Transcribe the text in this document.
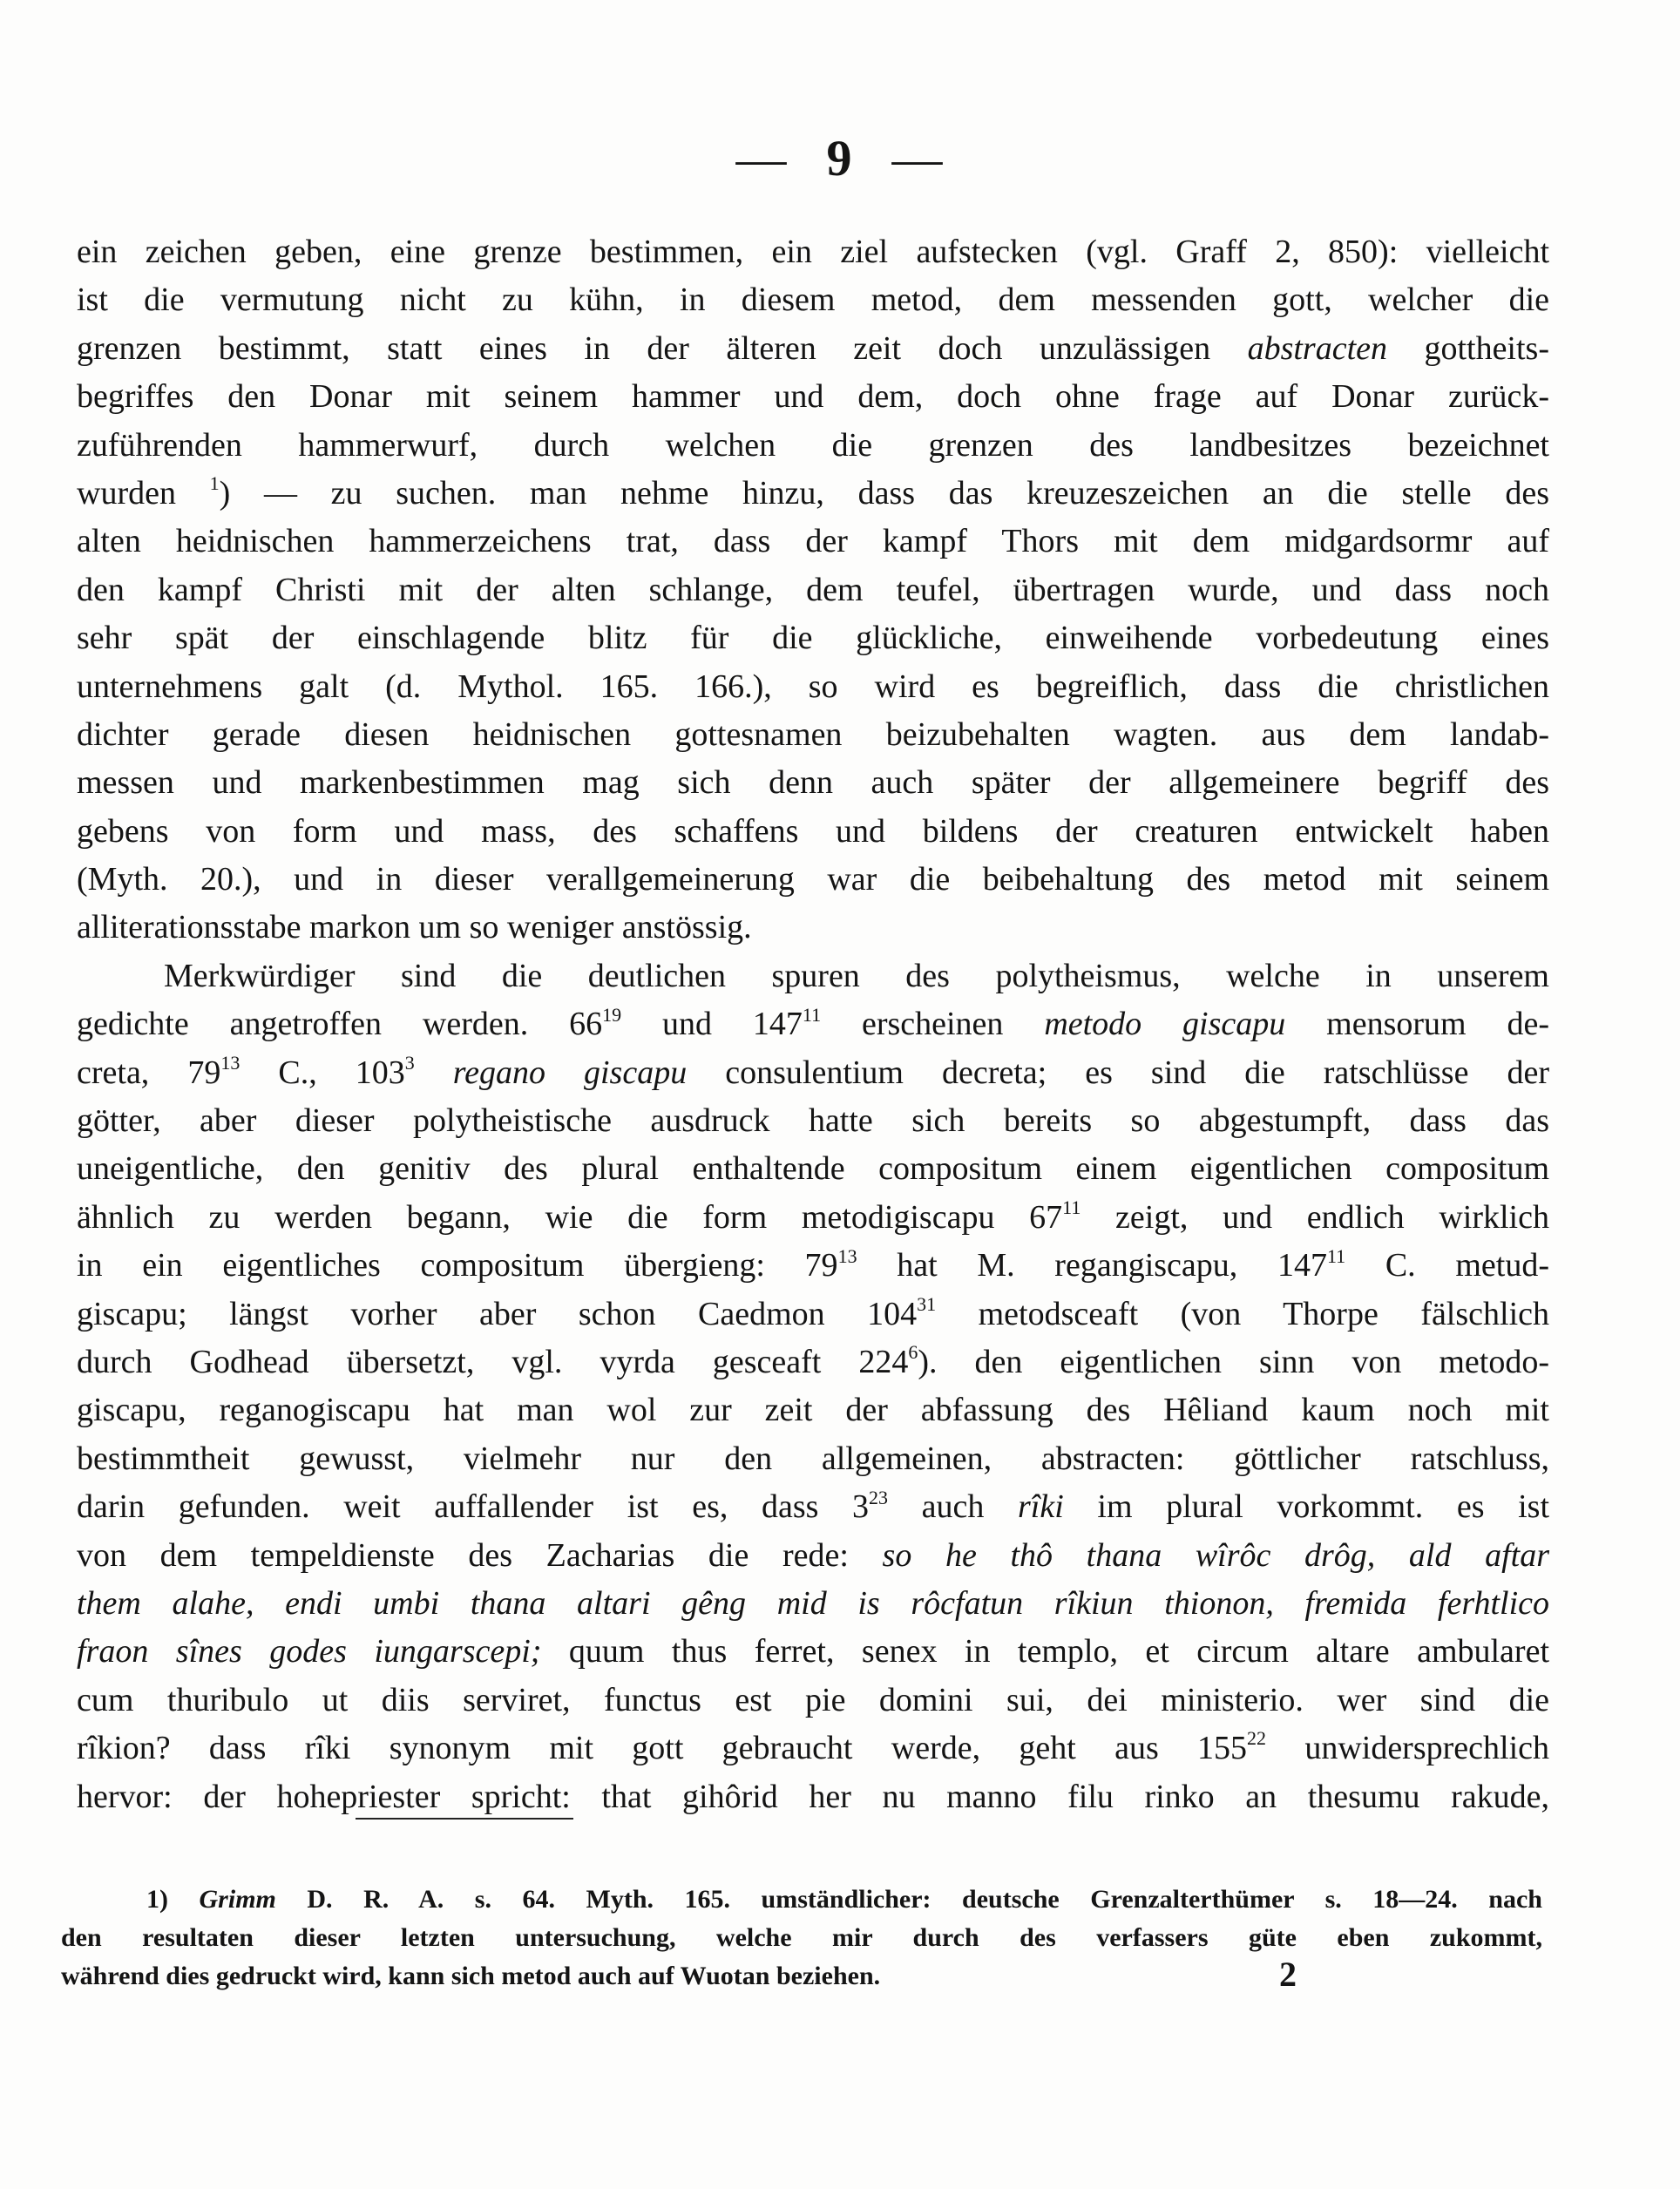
— 9 —
ein zeichen geben, eine grenze bestimmen, ein ziel aufstecken (vgl. Graff 2, 850): vielleicht
ist die vermutung nicht zu kühn, in diesem metod, dem messenden gott, welcher die
grenzen bestimmt, statt eines in der älteren zeit doch unzulässigen abstracten gottheits-
begriffes den Donar mit seinem hammer und dem, doch ohne frage auf Donar zurück-
zuführenden hammerwurf, durch welchen die grenzen des landbesitzes bezeichnet
wurden $^1$) — zu suchen. man nehme hinzu, dass das kreuzeszeichen an die stelle des
alten heidnischen hammerzeichens trat, dass der kampf Thors mit dem midgardsormr auf
den kampf Christi mit der alten schlange, dem teufel, übertragen wurde, und dass noch
sehr spät der einschlagende blitz für die glückliche, einweihende vorbedeutung eines
unternehmens galt (d. Mythol. 165. 166.), so wird es begreiflich, dass die christlichen
dichter gerade diesen heidnischen gottesnamen beizubehalten wagten. aus dem landab-
messen und markenbestimmen mag sich denn auch später der allgemeinere begriff des
gebens von form und mass, des schaffens und bildens der creaturen entwickelt haben
(Myth. 20.), und in dieser verallgemeinerung war die beibehaltung des metod mit seinem
alliterationsstabe markon um so weniger anstössig.
Merkwürdiger sind die deutlichen spuren des polytheismus, welche in unserem
gedichte angetroffen werden. $66^{19}$ und $147^{11}$ erscheinen metodo giscapu mensorum de-
creta, $79^{13}$ C., $103^3$ regano giscapu consulentium decreta; es sind die ratschlüsse der
götter, aber dieser polytheistische ausdruck hatte sich bereits so abgestumpft, dass das
uneigentliche, den genitiv des plural enthaltende compositum einem eigentlichen compositum
ähnlich zu werden begann, wie die form metodigiscapu $67^{11}$ zeigt, und endlich wirklich
in ein eigentliches compositum übergieng: $79^{13}$ hat M. regangiscapu, $147^{11}$ C. metud-
giscapu; längst vorher aber schon Caedmon $104^{31}$ metodsceaft (von Thorpe fälschlich
durch Godhead übersetzt, vgl. vyrda gesceaft $224^6$). den eigentlichen sinn von metodo-
giscapu, reganogiscapu hat man wol zur zeit der abfassung des Hêliand kaum noch mit
bestimmtheit gewusst, vielmehr nur den allgemeinen, abstracten: göttlicher ratschluss,
darin gefunden. weit auffallender ist es, dass $3^{23}$ auch rîki im plural vorkommt. es ist
von dem tempeldienste des Zacharias die rede: so he thô thana wîrôc drôg, ald aftar
them alahe, endi umbi thana altari gêng mid is rôcfatun rîkiun thionon, fremida ferhtlico
fraon sînes godes iungarscepi; quum thus ferret, senex in templo, et circum altare ambularet
cum thuribulo ut diis serviret, functus est pie domini sui, dei ministerio. wer sind die
rîkion? dass rîki synonym mit gott gebraucht werde, geht aus $155^{22}$ unwidersprechlich
hervor: der hohepriester spricht: that gihôrid her nu manno filu rinko an thesumu rakude,
1) Grimm D. R. A. s. 64. Myth. 165. umständlicher: deutsche Grenzalterthümer s. 18—24. nach
den resultaten dieser letzten untersuchung, welche mir durch des verfassers güte eben zukommt,
während dies gedruckt wird, kann sich metod auch auf Wuotan beziehen.	2
